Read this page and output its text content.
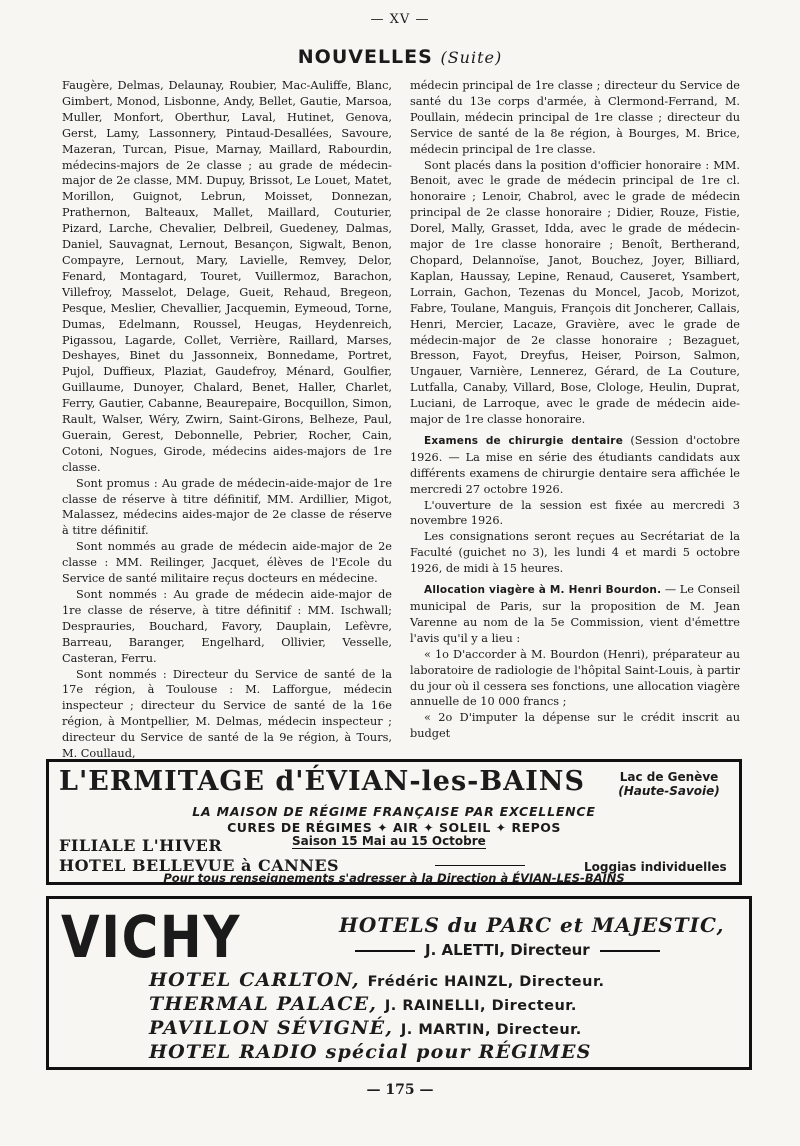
— XV —
NOUVELLES (Suite)

Faugère, Delmas, Delaunay, Roubier, Mac-Auliffe, Blanc, Gimbert, Monod, Lisbonne, Andy, Bellet, Gautie, Marsoa, Muller, Monfort, Oberthur, Laval, Hutinet, Genova, Gerst, Lamy, Lassonnery, Pintaud-Desallées, Savoure, Mazeran, Turcan, Pisue, Marnay, Maillard, Rabourdin, médecins-majors de 2e classe ; au grade de médecin-major de 2e classe, MM. Dupuy, Brissot, Le Louet, Matet, Morillon, Guignot, Lebrun, Moisset, Donnezan, Prathernon, Balteaux, Mallet, Maillard, Couturier, Pizard, Larche, Chevalier, Delbreil, Guedeney, Dalmas, Daniel, Sauvagnat, Lernout, Besançon, Sigwalt, Benon, Compayre, Lernout, Mary, Lavielle, Remvey, Delor, Fenard, Montagard, Touret, Vuillermoz, Barachon, Villefroy, Masselot, Delage, Gueit, Rehaud, Bregeon, Pesque, Meslier, Chevallier, Jacquemin, Eymeoud, Torne, Dumas, Edelmann, Roussel, Heugas, Heydenreich, Pigassou, Lagarde, Collet, Verrière, Raillard, Marses, Deshayes, Binet du Jassonneix, Bonnedame, Portret, Pujol, Duffieux, Plaziat, Gaudefroy, Ménard, Goulfier, Guillaume, Dunoyer, Chalard, Benet, Haller, Charlet, Ferry, Gautier, Cabanne, Beaurepaire, Bocquillon, Simon, Rault, Walser, Wéry, Zwirn, Saint-Girons, Belheze, Paul, Guerain, Gerest, Debonnelle, Pebrier, Rocher, Cain, Cotoni, Nogues, Girode, médecins aides-majors de 1re classe.

Sont promus : Au grade de médecin-aide-major de 1re classe de réserve à titre définitif, MM. Ardillier, Migot, Malassez, médecins aides-major de 2e classe de réserve à titre définitif.

Sont nommés au grade de médecin aide-major de 2e classe : MM. Reilinger, Jacquet, élèves de l'Ecole du Service de santé militaire reçus docteurs en médecine.

Sont nommés : Au grade de médecin aide-major de 1re classe de réserve, à titre définitif : MM. Ischwall; Desprauries, Bouchard, Favory, Dauplain, Lefèvre, Barreau, Baranger, Engelhard, Ollivier, Vesselle, Casteran, Ferru.

Sont nommés : Directeur du Service de santé de la 17e région, à Toulouse : M. Lafforgue, médecin inspecteur ; directeur du Service de santé de la 16e région, à Montpellier, M. Delmas, médecin inspecteur ; directeur du Service de santé de la 9e région, à Tours, M. Coullaud,

médecin principal de 1re classe ; directeur du Service de santé du 13e corps d'armée, à Clermond-Ferrand, M. Poullain, médecin principal de 1re classe ; directeur du Service de santé de la 8e région, à Bourges, M. Brice, médecin principal de 1re classe.

Sont placés dans la position d'officier honoraire : MM. Benoit, avec le grade de médecin principal de 1re cl. honoraire ; Lenoir, Chabrol, avec le grade de médecin principal de 2e classe honoraire ; Didier, Rouze, Fistie, Dorel, Mally, Grasset, Idda, avec le grade de médecin-major de 1re classe honoraire ; Benoît, Bertherand, Chopard, Delannoïse, Janot, Bouchez, Joyer, Billiard, Kaplan, Haussay, Lepine, Renaud, Causeret, Ysambert, Lorrain, Gachon, Tezenas du Moncel, Jacob, Morizot, Fabre, Toulane, Manguis, François dit Joncherer, Callais, Henri, Mercier, Lacaze, Gravière, avec le grade de médecin-major de 2e classe honoraire ; Bezaguet, Bresson, Fayot, Dreyfus, Heiser, Poirson, Salmon, Ungauer, Varnière, Lennerez, Gérard, de La Couture, Lutfalla, Canaby, Villard, Bose, Clologe, Heulin, Duprat, Luciani, de Larroque, avec le grade de médecin aide-major de 1re classe honoraire.

Examens de chirurgie dentaire (Session d'octobre 1926. — La mise en série des étudiants candidats aux différents examens de chirurgie dentaire sera affichée le mercredi 27 octobre 1926.

L'ouverture de la session est fixée au mercredi 3 novembre 1926.

Les consignations seront reçues au Secrétariat de la Faculté (guichet no 3), les lundi 4 et mardi 5 octobre 1926, de midi à 15 heures.

Allocation viagère à M. Henri Bourdon. — Le Conseil municipal de Paris, sur la proposition de M. Jean Varenne au nom de la 5e Commission, vient d'émettre l'avis qu'il y a lieu :

« 1o D'accorder à M. Bourdon (Henri), préparateur au laboratoire de radiologie de l'hôpital Saint-Louis, à partir du jour où il cessera ses fonctions, une allocation viagère annuelle de 10 000 francs ;

« 2o D'imputer la dépense sur le crédit inscrit au budget

L'ERMITAGE d'ÉVIAN-les-BAINS	Lac de Genève
(Haute-Savoie)
LA MAISON DE RÉGIME FRANÇAISE PAR EXCELLENCE
CURES DE RÉGIMES ✦ AIR ✦ SOLEIL ✦ REPOS
FILIALE L'HIVER	Saison 15 Mai au 15 Octobre
HOTEL BELLEVUE à CANNES	Loggias individuelles
Pour tous renseignements s'adresser à la Direction à ÉVIAN-LES-BAINS
VICHY	HOTELS du PARC et MAJESTIC,
J. ALETTI, Directeur
HOTEL CARLTON, Frédéric HAINZL, Directeur.
THERMAL PALACE, J. RAINELLI, Directeur.
PAVILLON SÉVIGNÉ, J. MARTIN, Directeur.
HOTEL RADIO spécial pour RÉGIMES
— 175 —
